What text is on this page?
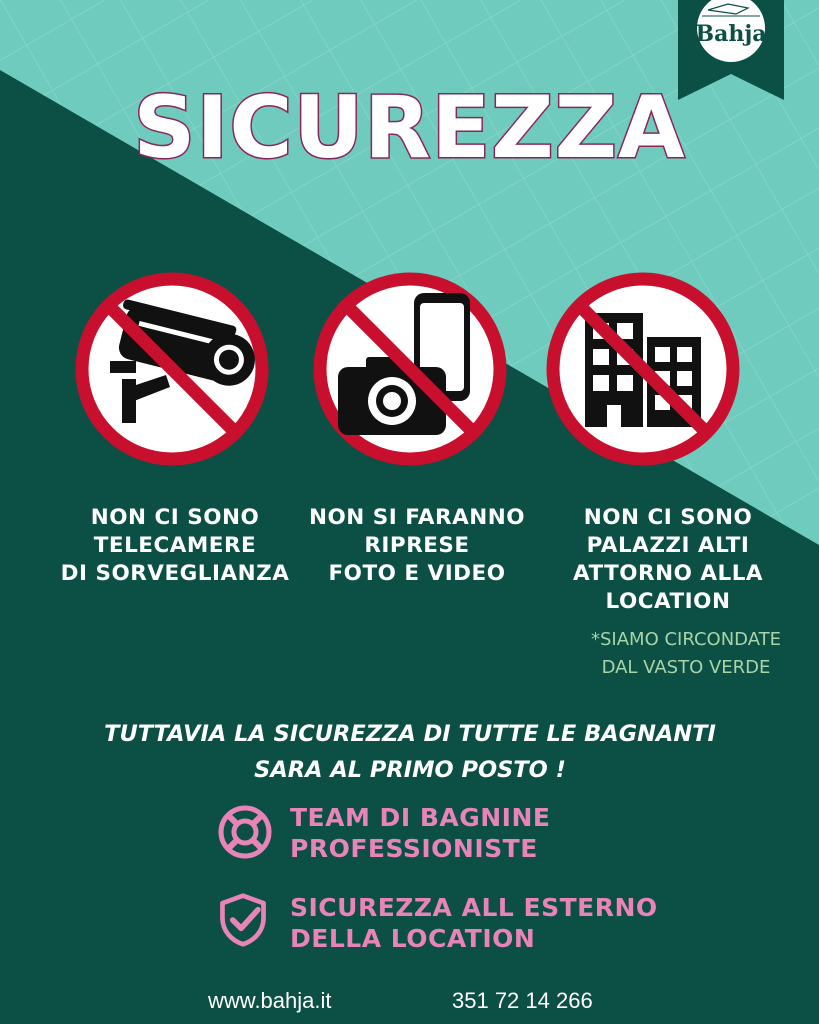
Bahja
SICUREZZA
NON CI SONO
TELECAMERE
DI SORVEGLIANZA
NON SI FARANNO
RIPRESE
FOTO E VIDEO
NON CI SONO
PALAZZI ALTI
ATTORNO ALLA
LOCATION
*SIAMO CIRCONDATE
DAL VASTO VERDE
TUTTAVIA LA SICUREZZA DI TUTTE LE BAGNANTI
SARA AL PRIMO POSTO !
TEAM DI BAGNINE
PROFESSIONISTE
SICUREZZA ALL ESTERNO
DELLA LOCATION
www.bahja.it	351 72 14 266
